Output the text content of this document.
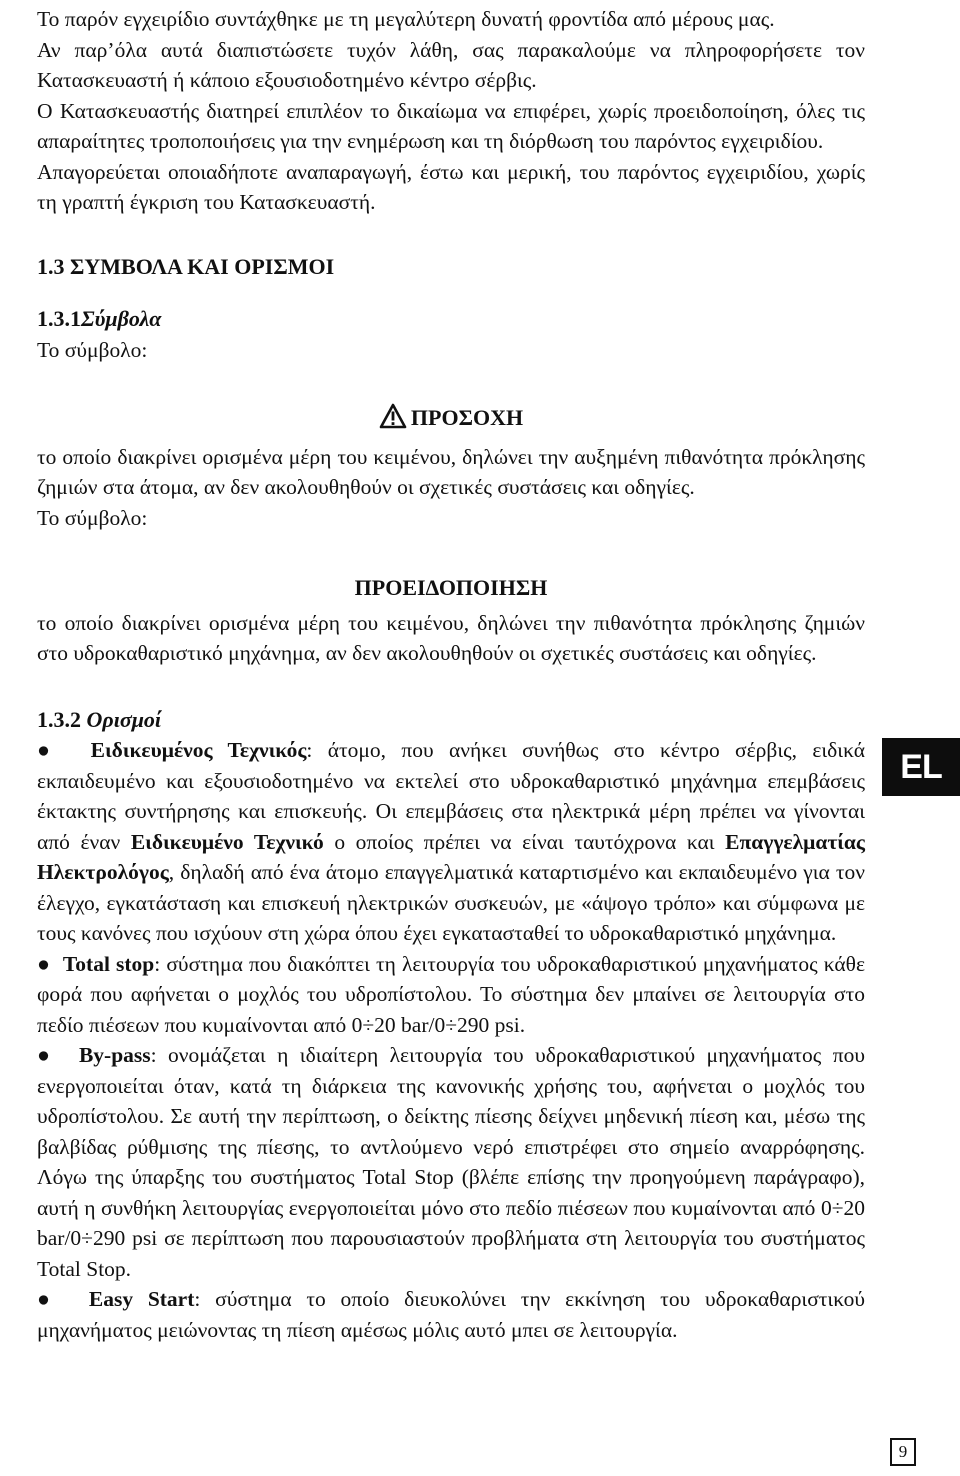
Το παρόν εγχειρίδιο συντάχθηκε με τη μεγαλύτερη δυνατή φροντίδα από μέρους μας.

Αν παρ’όλα αυτά διαπιστώσετε τυχόν λάθη, σας παρακαλούμε να πληροφορήσετε τον Κατασκευαστή ή κάποιο εξουσιοδοτημένο κέντρο σέρβις.

Ο Κατασκευαστής διατηρεί επιπλέον το δικαίωμα να επιφέρει, χωρίς προειδοποίηση, όλες τις απαραίτητες τροποποιήσεις για την ενημέρωση και τη διόρθωση του παρόντος εγχειριδίου.

Απαγορεύεται οποιαδήποτε αναπαραγωγή, έστω και μερική, του παρόντος εγχειριδίου, χωρίς τη γραπτή έγκριση του Κατασκευαστή.

1.3 ΣΥΜΒΟΛΑ ΚΑΙ ΟΡΙΣΜΟΙ
1.3.1Σύμβολα

Το σύμβολο:

ΠΡΟΣΟΧΗ

το οποίο διακρίνει ορισμένα μέρη του κειμένου, δηλώνει την αυξημένη πιθανότητα πρόκλησης ζημιών στα άτομα, αν δεν ακολουθηθούν οι σχετικές συστάσεις και οδηγίες.

Το σύμβολο:

ΠΡΟΕΙΔΟΠΟΙΗΣΗ

το οποίο διακρίνει ορισμένα μέρη του κειμένου, δηλώνει την πιθανότητα πρόκλησης ζημιών στο υδροκαθαριστικό μηχάνημα, αν δεν ακολουθηθούν οι σχετικές συστάσεις και οδηγίες.

1.3.2 Ορισμοί

●  Ειδικευμένος Τεχνικός: άτομο, που ανήκει συνήθως στο κέντρο σέρβις, ειδικά εκπαιδευμένο και εξουσιοδοτημένο να εκτελεί στο υδροκαθαριστικό μηχάνημα επεμβάσεις έκτακτης συντήρησης και επισκευής. Οι επεμβάσεις στα ηλεκτρικά μέρη πρέπει να γίνονται από έναν Ειδικευμένο Τεχνικό ο οποίος πρέπει να είναι ταυτόχρονα και Επαγγελματίας Ηλεκτρολόγος, δηλαδή από ένα άτομο επαγγελματικά καταρτισμένο και εκπαιδευμένο για τον έλεγχο, εγκατάσταση και επισκευή ηλεκτρικών συσκευών, με «άψογο τρόπο» και σύμφωνα με τους κανόνες που ισχύουν στη χώρα όπου έχει εγκατασταθεί το υδροκαθαριστικό μηχάνημα.

●  Total stop: σύστημα που διακόπτει τη λειτουργία του υδροκαθαριστικού μηχανήματος κάθε φορά που αφήνεται ο μοχλός του υδροπίστολου. Το σύστημα δεν μπαίνει σε λειτουργία στο πεδίο πιέσεων που κυμαίνονται από 0÷20 bar/0÷290 psi.

●  By-pass: ονομάζεται η ιδιαίτερη λειτουργία του υδροκαθαριστικού μηχανήματος που ενεργοποιείται όταν, κατά τη διάρκεια της κανονικής χρήσης του, αφήνεται ο μοχλός του υδροπίστολου. Σε αυτή την περίπτωση, ο δείκτης πίεσης δείχνει μηδενική πίεση και, μέσω της βαλβίδας ρύθμισης της πίεσης, το αντλούμενο νερό επιστρέφει στο σημείο αναρρόφησης. Λόγω της ύπαρξης του συστήματος Total Stop (βλέπε επίσης την προηγούμενη παράγραφο), αυτή η συνθήκη λειτουργίας ενεργοποιείται μόνο στο πεδίο πιέσεων που κυμαίνονται από 0÷20 bar/0÷290 psi σε περίπτωση που παρουσιαστούν προβλήματα στη λειτουργία του συστήματος Total Stop.

●  Easy Start: σύστημα το οποίο διευκολύνει την εκκίνηση του υδροκαθαριστικού μηχανήματος μειώνοντας τη πίεση αμέσως μόλις αυτό μπει σε λειτουργία.

EL
9
